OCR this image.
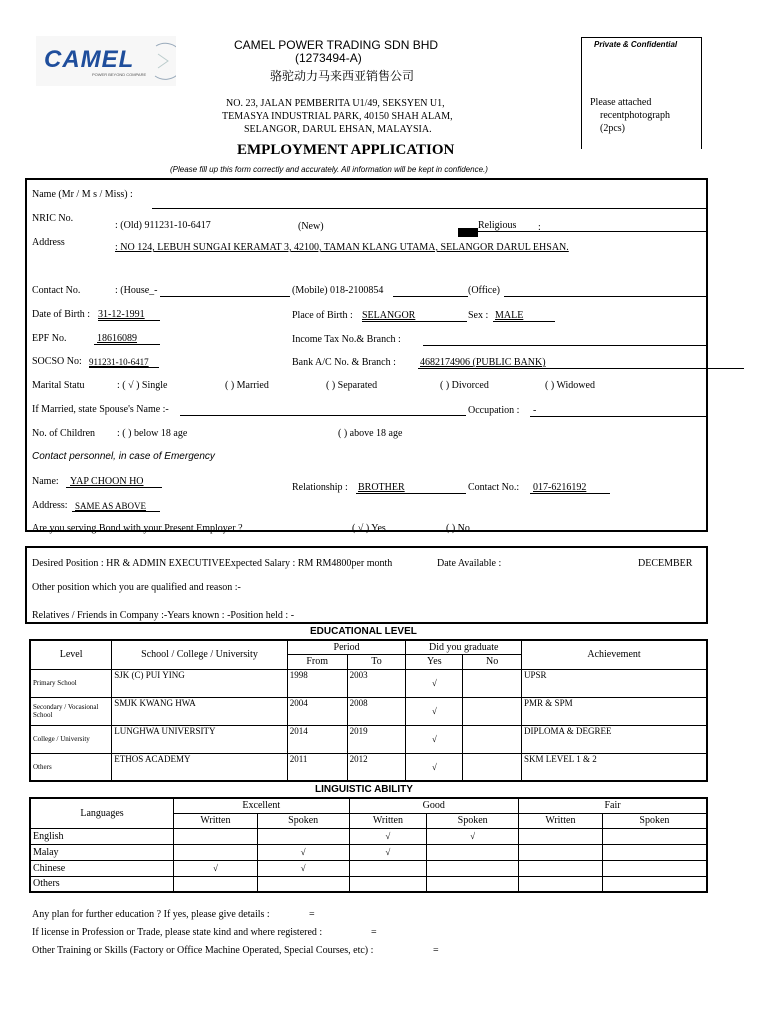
CAMEL
POWER BEYOND COMPARE
CAMEL POWER TRADING SDN BHD
(1273494-A)
骆驼动力马来西亚销售公司
NO. 23, JALAN PEMBERITA U1/49, SEKSYEN U1,
TEMASYA INDUSTRIAL PARK, 40150 SHAH ALAM,
SELANGOR, DARUL EHSAN, MALAYSIA.
EMPLOYMENT APPLICATION
(Please fill up this form correctly and accurately. All information will be kept in confidence.)
Private & Confidential
Please attached
recentphotograph
(2pcs)
Name (Mr / M s / Miss) :
NRIC No.
: (Old) 911231-10-6417	(New)	Religious :
Address	: NO 124, LEBUH SUNGAI KERAMAT 3, 42100, TAMAN KLANG UTAMA, SELANGOR DARUL EHSAN.
Contact No.	: (House_-	(Mobile) 018-2100854	(Office)
Date of Birth : 31-12-1991	Place of Birth : SELANGOR	Sex : MALE
EPF No.	18616089	Income Tax No.& Branch :
SOCSO No: 911231-10-6417	Bank A/C No. & Branch : 4682174906 (PUBLIC BANK)
Marital Statu	: ( √ ) Single	( ) Married	( ) Separated	( ) Divorced	( ) Widowed
If Married, state Spouse's Name :-	Occupation : -
No. of Children : ( ) below 18 age	( ) above 18 age
Contact personnel, in case of Emergency
Name: YAP CHOON HO
Relationship : BROTHER	Contact No.: 017-6216192
Address: SAME AS ABOVE
Are you serving Bond with your Present Employer ?	( √ ) Yes	( ) No
Desired Position : HR & ADMIN EXECUTIVEExpected Salary : RM RM4800per month	Date Available :	DECEMBER
Other position which you are qualified and reason :-
Relatives / Friends in Company :-Years known : -Position held : -
EDUCATIONAL LEVEL
Level	School / College / University	Period		Did you graduate		Achievement
		From	To	Yes	No	
Primary School	SJK (C) PUI YING	1998	2003	√		UPSR
Secondary / Vocasional School	SMJK KWANG HWA	2004	2008	√		PMR & SPM
College / University	LUNGHWA UNIVERSITY	2014	2019	√		DIPLOMA & DEGREE
Others	ETHOS ACADEMY	2011	2012	√		SKM LEVEL 1 & 2
LINGUISTIC ABILITY
Languages	Excellent		Good		Fair	
	Written	Spoken	Written	Spoken	Written	Spoken
English			√	√		
Malay		√	√			
Chinese	√	√				
Others						
Any plan for further education ? If yes, please give details :	=
If license in Profession or Trade, please state kind and where registered :	=
Other Training or Skills (Factory or Office Machine Operated, Special Courses, etc) :	=
